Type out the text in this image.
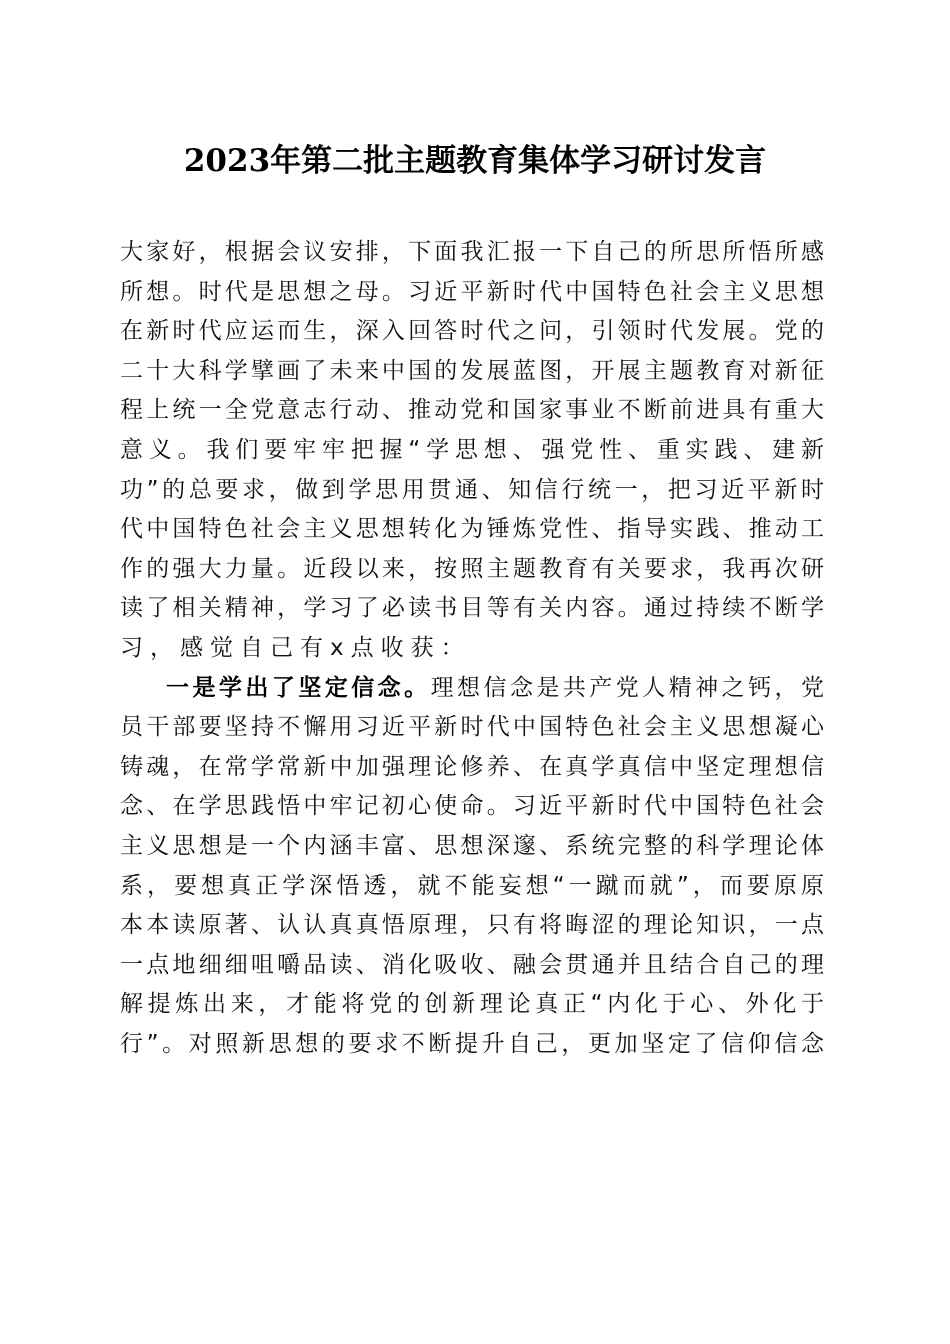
2023年第二批主题教育集体学习研讨发言
大家好，根据会议安排，下面我汇报一下自己的所思所悟所感
所想。时代是思想之母。习近平新时代中国特色社会主义思想
在新时代应运而生，深入回答时代之问，引领时代发展。党的
二十大科学擘画了未来中国的发展蓝图，开展主题教育对新征
程上统一全党意志行动、推动党和国家事业不断前进具有重大
意义。我们要牢牢把握“学思想、强党性、重实践、建新
功”的总要求，做到学思用贯通、知信行统一，把习近平新时
代中国特色社会主义思想转化为锤炼党性、指导实践、推动工
作的强大力量。近段以来，按照主题教育有关要求，我再次研
读了相关精神，学习了必读书目等有关内容。通过持续不断学
习，感觉自己有x点收获：
一是学出了坚定信念。理想信念是共产党人精神之钙，党
员干部要坚持不懈用习近平新时代中国特色社会主义思想凝心
铸魂，在常学常新中加强理论修养、在真学真信中坚定理想信
念、在学思践悟中牢记初心使命。习近平新时代中国特色社会
主义思想是一个内涵丰富、思想深邃、系统完整的科学理论体
系，要想真正学深悟透，就不能妄想“一蹴而就”，而要原原
本本读原著、认认真真悟原理，只有将晦涩的理论知识，一点
一点地细细咀嚼品读、消化吸收、融会贯通并且结合自己的理
解提炼出来，才能将党的创新理论真正“内化于心、外化于
行”。对照新思想的要求不断提升自己，更加坚定了信仰信念
